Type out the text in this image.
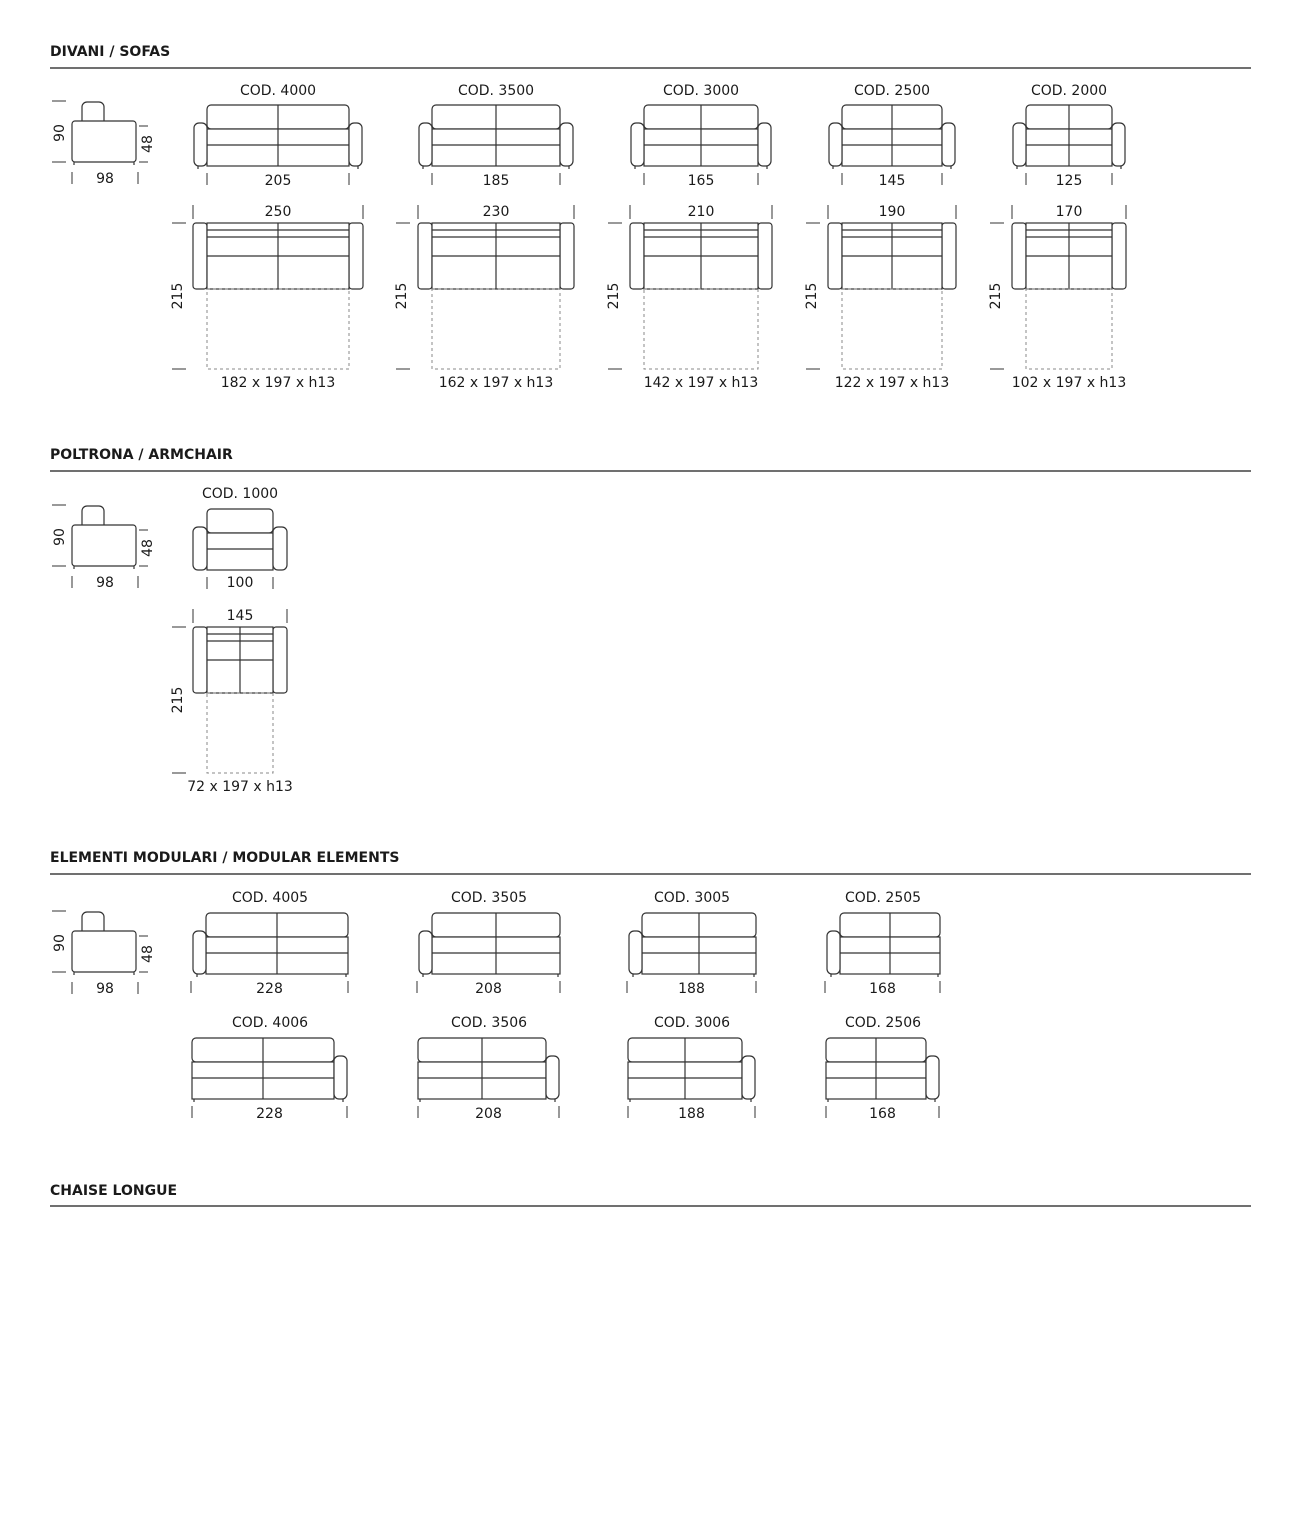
DIVANI / SOFAS
POLTRONA / ARMCHAIR
ELEMENTI MODULARI / MODULAR ELEMENTS
CHAISE LONGUE
90
48
98
COD. 4000
205
250
215
182 x 197 x h13
COD. 3500
185
230
215
162 x 197 x h13
COD. 3000
165
210
215
142 x 197 x h13
COD. 2500
145
190
215
122 x 197 x h13
COD. 2000
125
170
215
102 x 197 x h13
90
48
98
COD. 1000
100
145
215
72 x 197 x h13
90
48
98
COD. 4005
228
COD. 4006
228
COD. 3505
208
COD. 3506
208
COD. 3005
188
COD. 3006
188
COD. 2505
168
COD. 2506
168
